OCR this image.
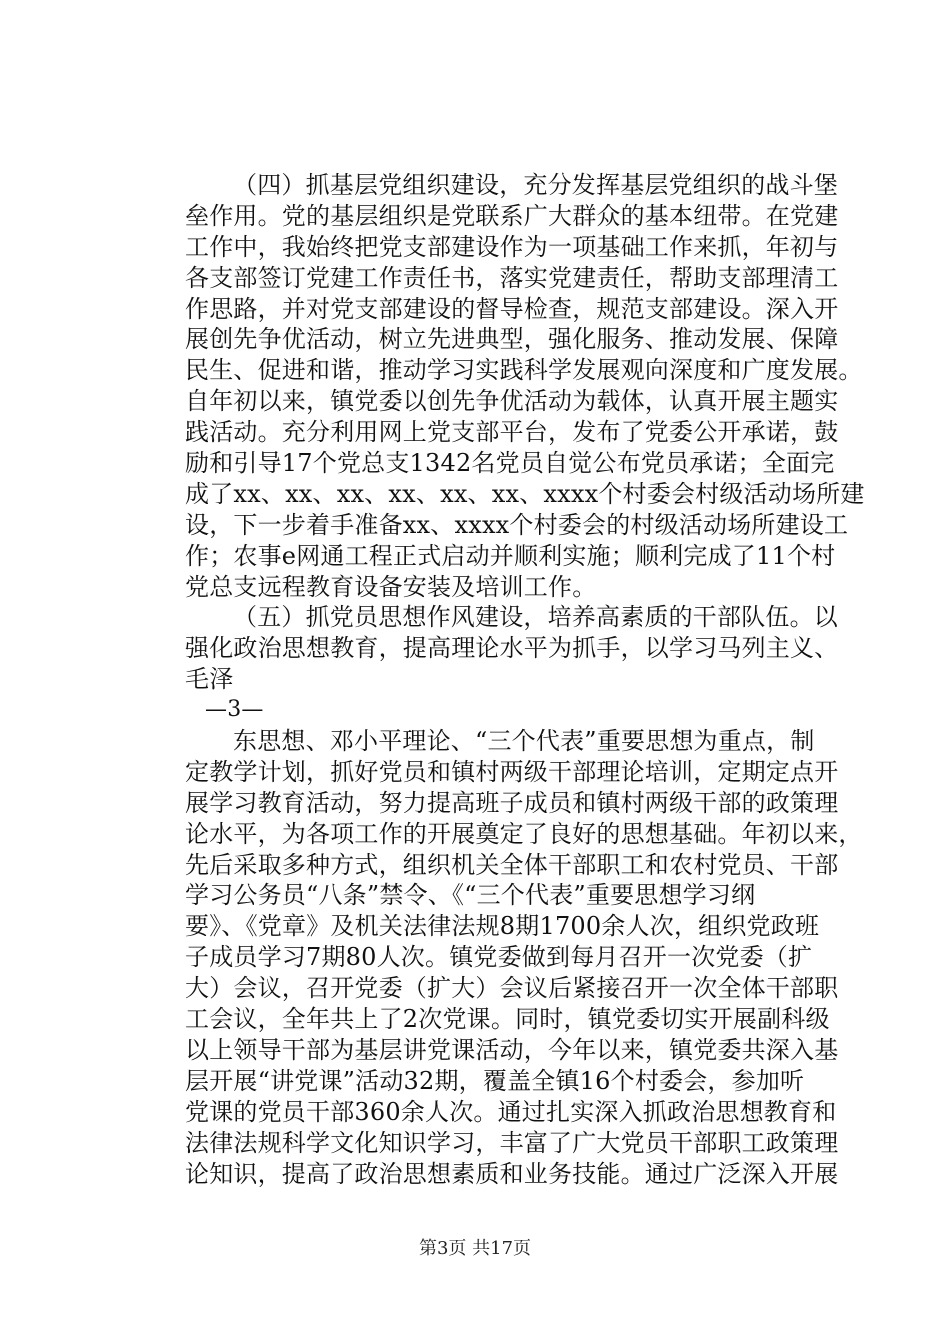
（四）抓基层党组织建设，充分发挥基层党组织的战斗堡
垒作用。党的基层组织是党联系广大群众的基本纽带。在党建
工作中，我始终把党支部建设作为一项基础工作来抓，年初与
各支部签订党建工作责任书，落实党建责任，帮助支部理清工
作思路，并对党支部建设的督导检查，规范支部建设。深入开
展创先争优活动，树立先进典型，强化服务、推动发展、保障
民生、促进和谐，推动学习实践科学发展观向深度和广度发展。
自年初以来，镇党委以创先争优活动为载体，认真开展主题实
践活动。充分利用网上党支部平台，发布了党委公开承诺，鼓
励和引导17个党总支1342名党员自觉公布党员承诺；全面完
成了xx、xx、xx、xx、xx、xx、xxxx个村委会村级活动场所建
设，下一步着手准备xx、xxxx个村委会的村级活动场所建设工
作；农事e网通工程正式启动并顺利实施；顺利完成了11个村
党总支远程教育设备安装及培训工作。
（五）抓党员思想作风建设，培养高素质的干部队伍。以
强化政治思想教育，提高理论水平为抓手，以学习马列主义、
毛泽
—3—
东思想、邓小平理论、“三个代表”重要思想为重点，制
定教学计划，抓好党员和镇村两级干部理论培训，定期定点开
展学习教育活动，努力提高班子成员和镇村两级干部的政策理
论水平，为各项工作的开展奠定了良好的思想基础。年初以来，
先后采取多种方式，组织机关全体干部职工和农村党员、干部
学习公务员“八条”禁令、《“三个代表”重要思想学习纲
要》、《党章》及机关法律法规8期1700余人次，组织党政班
子成员学习7期80人次。镇党委做到每月召开一次党委（扩
大）会议，召开党委（扩大）会议后紧接召开一次全体干部职
工会议，全年共上了2次党课。同时，镇党委切实开展副科级
以上领导干部为基层讲党课活动，今年以来，镇党委共深入基
层开展“讲党课”活动32期，覆盖全镇16个村委会，参加听
党课的党员干部360余人次。通过扎实深入抓政治思想教育和
法律法规科学文化知识学习，丰富了广大党员干部职工政策理
论知识，提高了政治思想素质和业务技能。通过广泛深入开展
第3页 共17页
